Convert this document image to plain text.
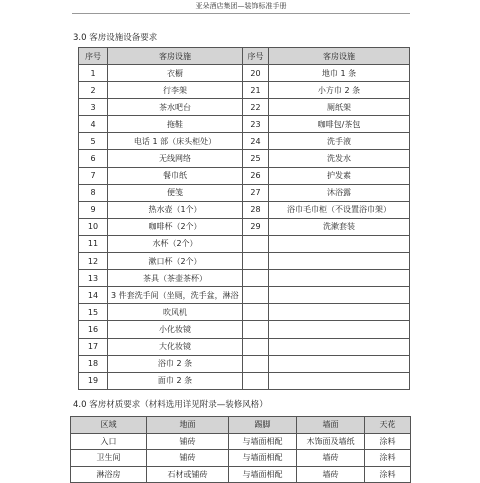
亚朵酒店集团—装饰标准手册
3.0 客房设施设备要求
序号	客房设施	序号	客房设施
1	衣橱	20	地巾 1 条
2	行李架	21	小方巾 2 条
3	茶水吧台	22	厕纸架
4	拖鞋	23	咖啡包/茶包
5	电话 1 部（床头柜处）	24	洗手液
6	无线网络	25	洗发水
7	餐巾纸	26	护发素
8	便笺	27	沐浴露
9	热水壶（1个）	28	浴巾毛巾柜（不设置浴巾架）
10	咖啡杯（2个）	29	洗漱套装
11	水杯（2个）		
12	漱口杯（2个）		
13	茶具（茶壶茶杯）		
14	3 件套洗手间（坐厕，洗手盆，淋浴		
15	吹风机		
16	小化妆镜		
17	大化妆镜		
18	浴巾 2 条		
19	面巾 2 条		
4.0 客房材质要求（材料选用详见附录—装修风格）
区域	地面	踢脚	墙面	天花
入口	铺砖	与墙面相配	木饰面及墙纸	涂料
卫生间	铺砖	与墙面相配	墙砖	涂料
淋浴房	石材或铺砖	与墙面相配	墙砖	涂料
